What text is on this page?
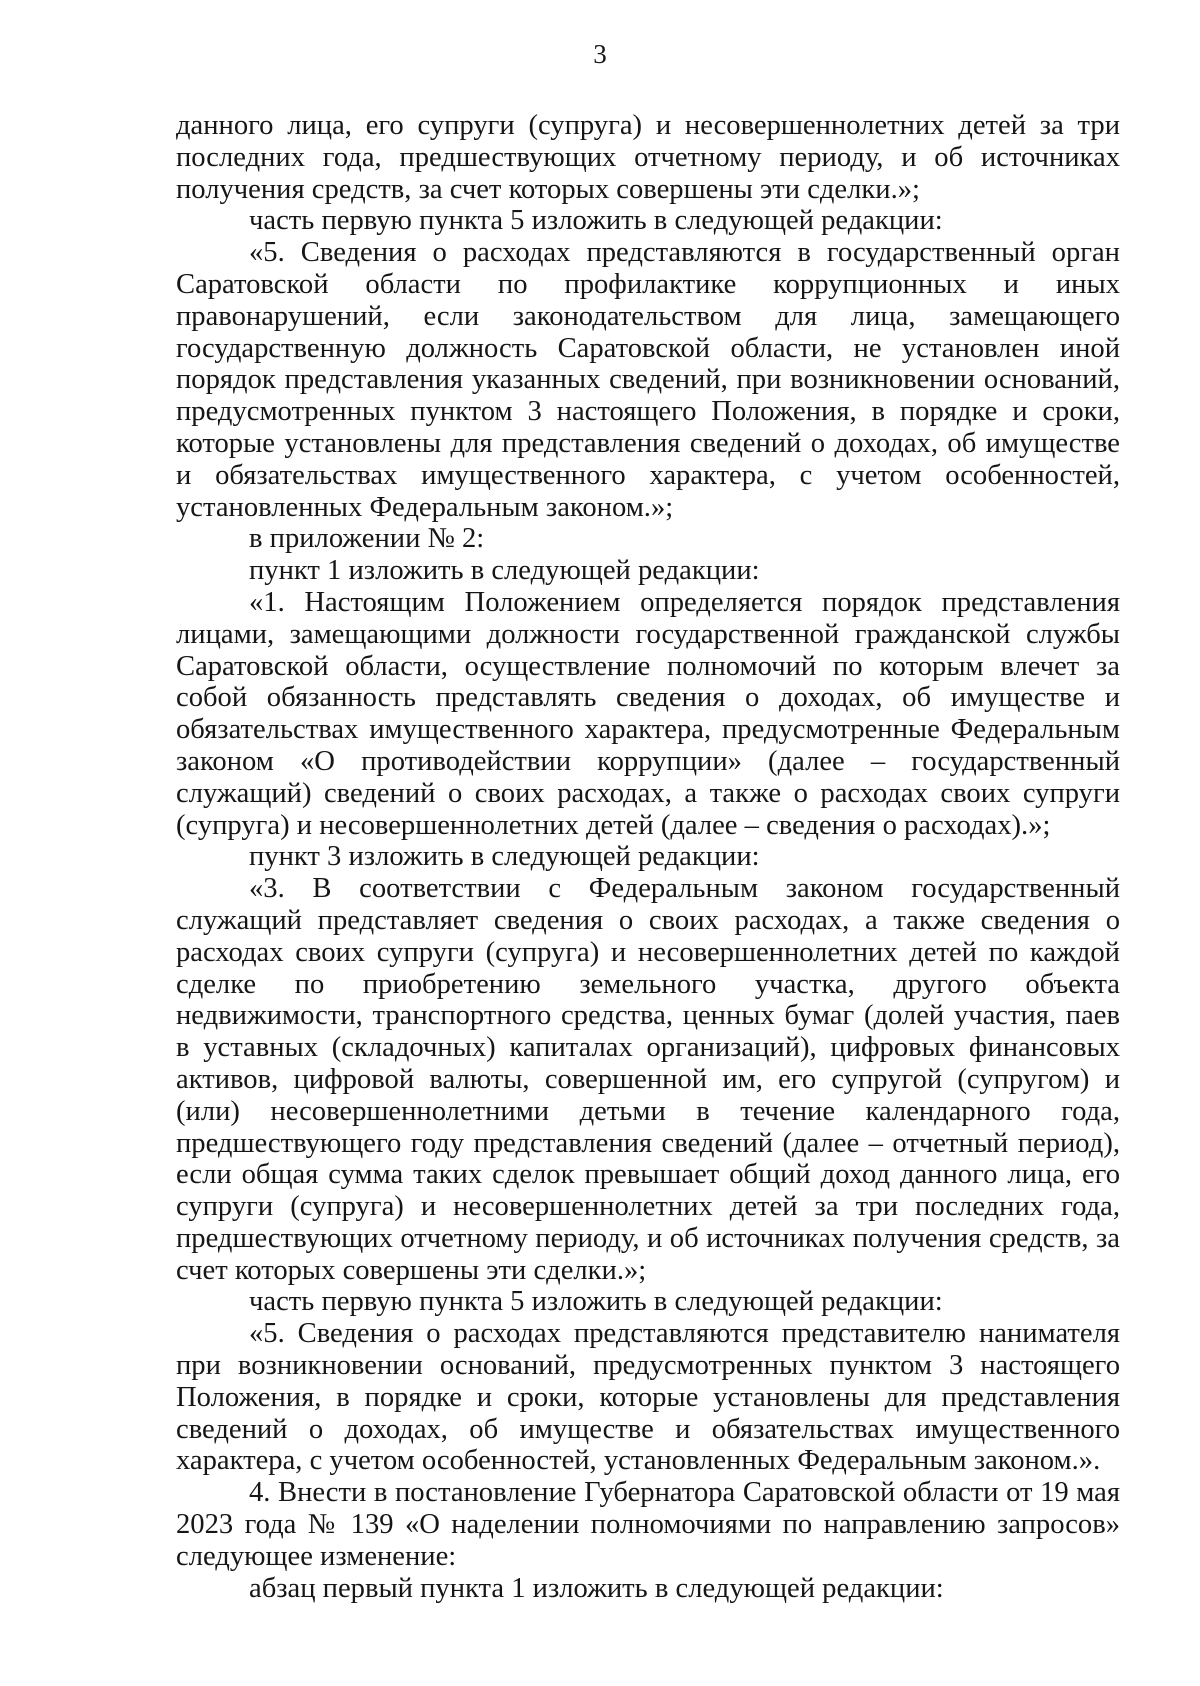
3

данного лица, его супруги (супруга) и несовершеннолетних детей за три последних года, предшествующих отчетному периоду, и об источниках получения средств, за счет которых совершены эти сделки.»;

часть первую пункта 5 изложить в следующей редакции:

«5. Сведения о расходах представляются в государственный орган Саратовской области по профилактике коррупционных и иных правонарушений, если законодательством для лица, замещающего государственную должность Саратовской области, не установлен иной порядок представления указанных сведений, при возникновении оснований, предусмотренных пунктом 3 настоящего Положения, в порядке и сроки, которые установлены для представления сведений о доходах, об имуществе и обязательствах имущественного характера, с учетом особенностей, установленных Федеральным законом.»;

в приложении № 2:

пункт 1 изложить в следующей редакции:

«1. Настоящим Положением определяется порядок представления лицами, замещающими должности государственной гражданской службы Саратовской области, осуществление полномочий по которым влечет за собой обязанность представлять сведения о доходах, об имуществе и обязательствах имущественного характера, предусмотренные Федеральным законом «О противодействии коррупции» (далее – государственный служащий) сведений о своих расходах, а также о расходах своих супруги (супруга) и несовершеннолетних детей (далее – сведения о расходах).»;

пункт 3 изложить в следующей редакции:

«3. В соответствии с Федеральным законом государственный служащий представляет сведения о своих расходах, а также сведения о расходах своих супруги (супруга) и несовершеннолетних детей по каждой сделке по приобретению земельного участка, другого объекта недвижимости, транспортного средства, ценных бумаг (долей участия, паев в уставных (складочных) капиталах организаций), цифровых финансовых активов, цифровой валюты, совершенной им, его супругой (супругом) и (или) несовершеннолетними детьми в течение календарного года, предшествующего году представления сведений (далее – отчетный период), если общая сумма таких сделок превышает общий доход данного лица, его супруги (супруга) и несовершеннолетних детей за три последних года, предшествующих отчетному периоду, и об источниках получения средств, за счет которых совершены эти сделки.»;

часть первую пункта 5 изложить в следующей редакции:

«5. Сведения о расходах представляются представителю нанимателя при возникновении оснований, предусмотренных пунктом 3 настоящего Положения, в порядке и сроки, которые установлены для представления сведений о доходах, об имуществе и обязательствах имущественного характера, с учетом особенностей, установленных Федеральным законом.».

4. Внести в постановление Губернатора Саратовской области от 19 мая 2023 года № 139 «О наделении полномочиями по направлению запросов» следующее изменение:

абзац первый пункта 1 изложить в следующей редакции:
